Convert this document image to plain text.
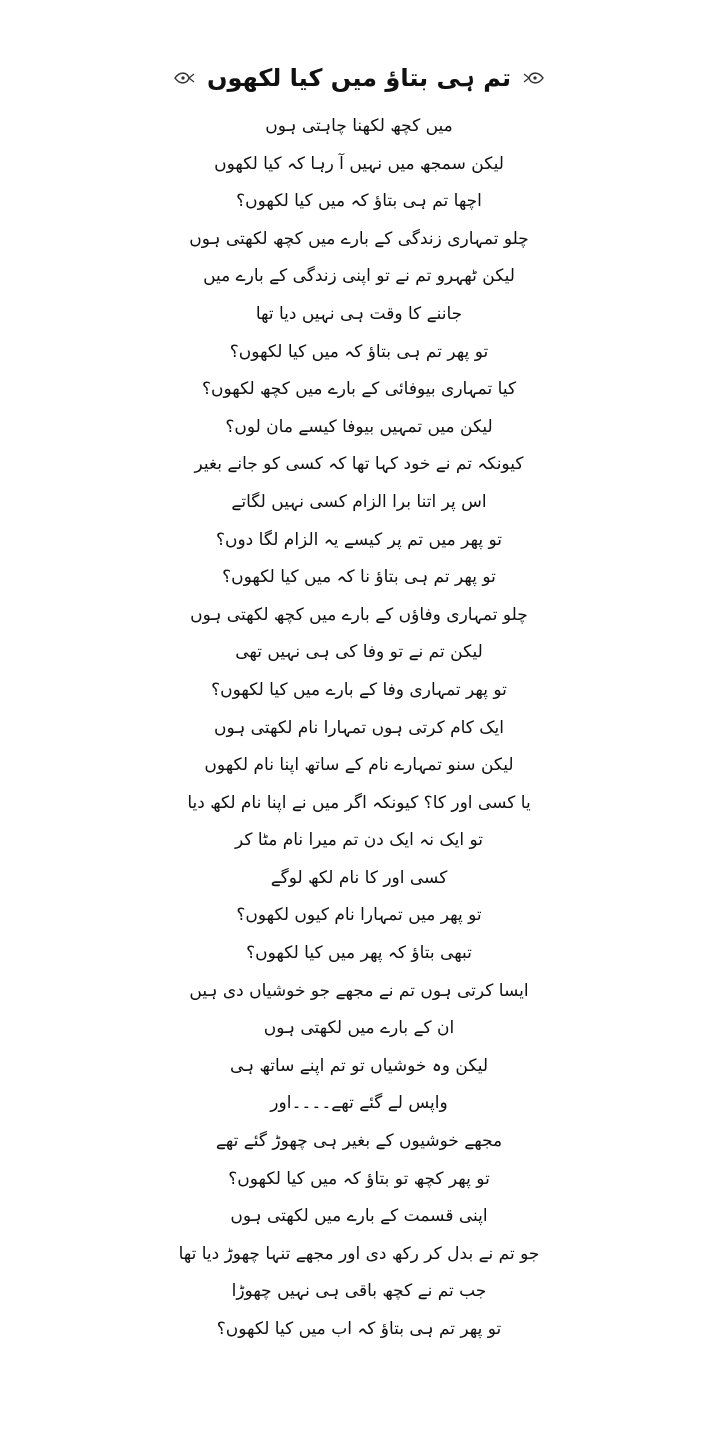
تم ہی بتاؤ میں کیا لکھوں
میں کچھ لکھنا چاہتی ہوں
لیکن سمجھ میں نہیں آ رہا کہ کیا لکھوں
اچھا تم ہی بتاؤ کہ میں کیا لکھوں؟
چلو تمہاری زندگی کے بارے میں کچھ لکھتی ہوں
لیکن ٹھہرو تم نے تو اپنی زندگی کے بارے میں
جاننے کا وقت ہی نہیں دیا تھا
تو پھر تم ہی بتاؤ کہ میں کیا لکھوں؟
کیا تمہاری بیوفائی کے بارے میں کچھ لکھوں؟
لیکن میں تمہیں بیوفا کیسے مان لوں؟
کیونکہ تم نے خود کہا تھا کہ کسی کو جانے بغیر
اس پر اتنا برا الزام کسی نہیں لگاتے
تو پھر میں تم پر کیسے یہ الزام لگا دوں؟
تو پھر تم ہی بتاؤ نا کہ میں کیا لکھوں؟
چلو تمہاری وفاؤں کے بارے میں کچھ لکھتی ہوں
لیکن تم نے تو وفا کی ہی نہیں تھی
تو پھر تمہاری وفا کے بارے میں کیا لکھوں؟
ایک کام کرتی ہوں تمہارا نام لکھتی ہوں
لیکن سنو تمہارے نام کے ساتھ اپنا نام لکھوں
یا کسی اور کا؟ کیونکہ اگر میں نے اپنا نام لکھ دیا
تو ایک نہ ایک دن تم میرا نام مٹا کر
کسی اور کا نام لکھ لوگے
تو پھر میں تمہارا نام کیوں لکھوں؟
تبھی بتاؤ کہ پھر میں کیا لکھوں؟
ایسا کرتی ہوں تم نے مجھے جو خوشیاں دی ہیں
ان کے بارے میں لکھتی ہوں
لیکن وہ خوشیاں تو تم اپنے ساتھ ہی
واپس لے گئے تھے۔۔۔۔اور
مجھے خوشیوں کے بغیر ہی چھوڑ گئے تھے
تو پھر کچھ تو بتاؤ کہ میں کیا لکھوں؟
اپنی قسمت کے بارے میں لکھتی ہوں
جو تم نے بدل کر رکھ دی اور مجھے تنہا چھوڑ دیا تھا
جب تم نے کچھ باقی ہی نہیں چھوڑا
تو پھر تم ہی بتاؤ کہ اب میں کیا لکھوں؟
